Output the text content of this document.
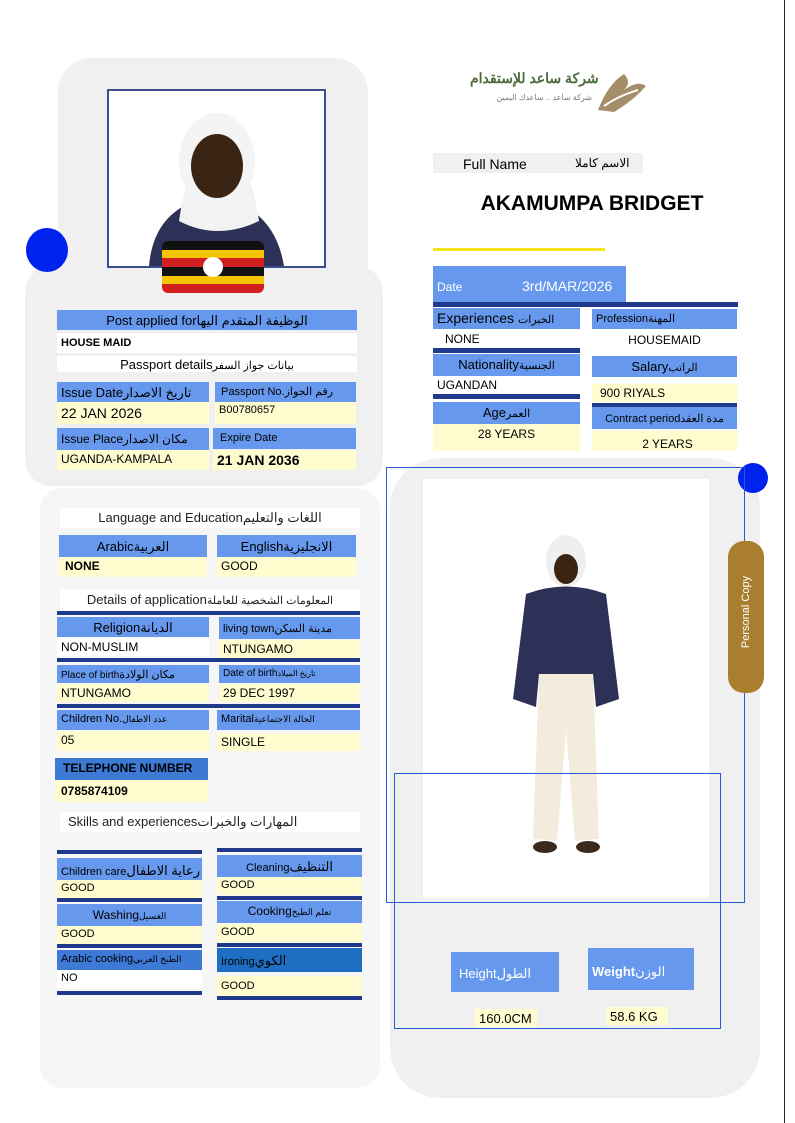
شركة ساعد للإستقدام
شركة ساعد .. ساعدك اليمين
Full Name	الاسم كاملا
AKAMUMPA BRIDGET
Date	3rd/MAR/2026
Experiences الخبرات
NONE
Professionالمهنة
HOUSEMAID
Nationalityالجنسية
UGANDAN
Salaryالراتب
900 RIYALS
Ageالعمر
28 YEARS
Contract periodمدة العقد
2 YEARS
Post applied forالوظيفة المتقدم اليها
HOUSE MAID
Passport detailsبيانات جواز السفر
Issue Dateتاريخ الاصدار
22 JAN 2026
Passport No.رقم الجواز
B00780657
Issue Placeمكان الاصدار
UGANDA-KAMPALA
Expire Date
21 JAN 2036
Language and Educationاللغات والتعليم
Arabicالعربية
NONE
Englishالانجليزية
GOOD
Details of applicationالمعلومات الشخصية للعاملة
Religionالديانة
NON-MUSLIM
living townمدينة السكن
NTUNGAMO
Place of birthمكان الولادة
NTUNGAMO
Date of birthتاريخ الميلاد
29 DEC 1997
Children No.عدد الاطفال
05
Maritalالحالة الاجتماعية
SINGLE
TELEPHONE NUMBER
0785874109
Skills and experiencesالمهارات والخبرات
Children careرعاية الاطفال
GOOD
Cleaningالتنظيف
GOOD
Washingالغسيل
GOOD
Cookingتعلم الطبخ
GOOD
Arabic cookingالطبخ العربي
NO
Ironingالكوي
GOOD
Personal Copy
Heightالطول
160.0CM
Weightالوزن
58.6 KG
